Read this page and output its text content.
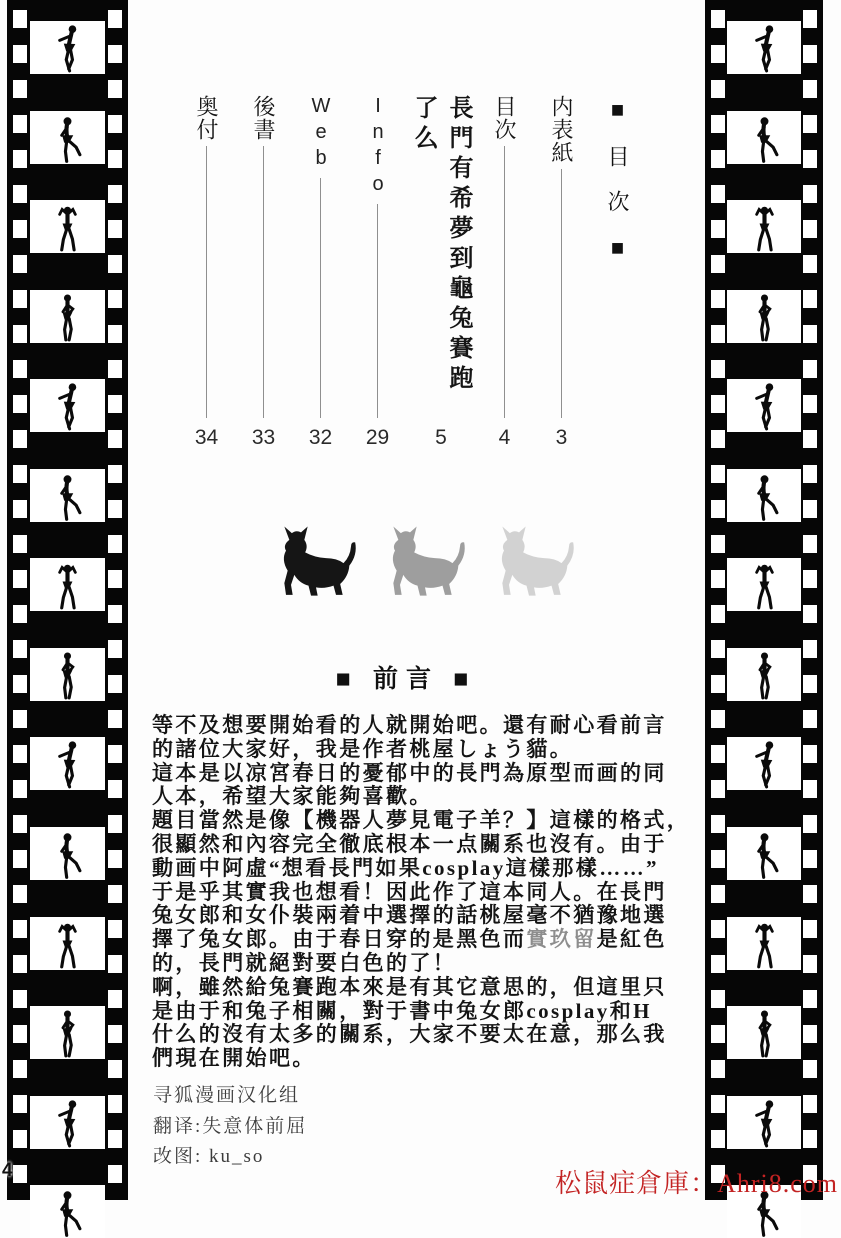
■目次■
内表紙
3
目次
4
長門有希夢到龜兔賽跑了么
5
Info
29
Web
32
後書
33
奥付
34
■ 前言 ■
等不及想要開始看的人就開始吧。還有耐心看前言
的諸位大家好，我是作者桃屋しょう貓。
這本是以凉宮春日的憂郁中的長門為原型而画的同
人本，希望大家能夠喜歡。
題目當然是像【機器人夢見電子羊？】這樣的格式，
很顯然和內容完全徹底根本一点關系也沒有。由于
動画中阿虛“想看長門如果cosplay這樣那樣……”
于是乎其實我也想看！因此作了這本同人。在長門
兔女郎和女仆裝兩着中選擇的話桃屋毫不猶豫地選
擇了兔女郎。由于春日穿的是黑色而實玖留是紅色
的，長門就絕對要白色的了！
啊，雖然給兔賽跑本來是有其它意思的，但這里只
是由于和兔子相關，對于書中兔女郎cosplay和H
什么的沒有太多的關系，大家不要太在意，那么我
們現在開始吧。
寻狐漫画汉化组
翻译:失意体前屈
改图: ku_so
4	松鼠症倉庫：Ahri8.com
